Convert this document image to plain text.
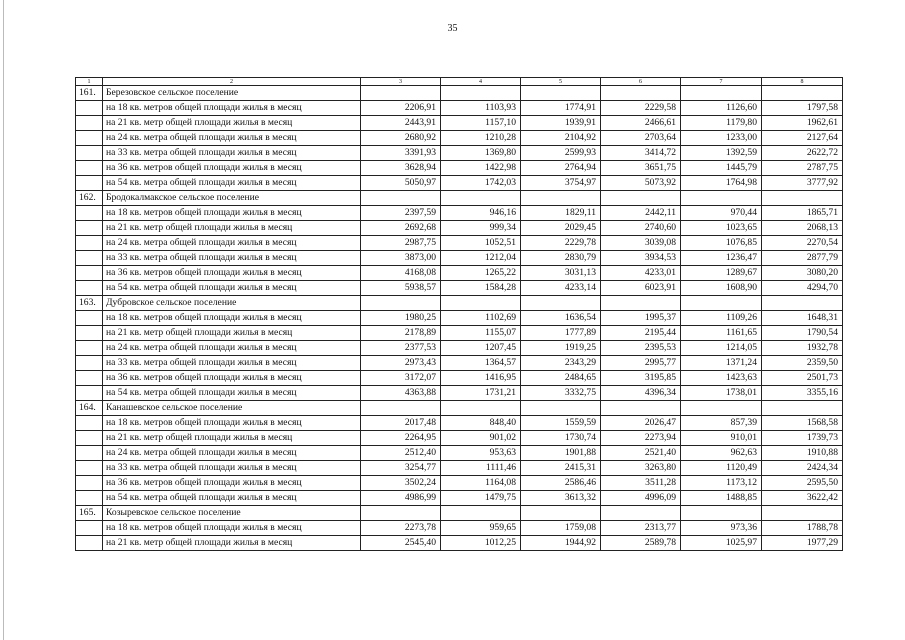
35
1	2	3	4	5	6	7	8
161.	Березовское сельское поселение						
	на 18 кв. метров общей площади жилья в месяц	2206,91	1103,93	1774,91	2229,58	1126,60	1797,58
	на 21 кв. метр общей площади жилья в месяц	2443,91	1157,10	1939,91	2466,61	1179,80	1962,61
	на 24 кв. метра общей площади жилья в месяц	2680,92	1210,28	2104,92	2703,64	1233,00	2127,64
	на 33 кв. метра общей площади жилья в месяц	3391,93	1369,80	2599,93	3414,72	1392,59	2622,72
	на 36 кв. метров общей площади жилья в месяц	3628,94	1422,98	2764,94	3651,75	1445,79	2787,75
	на 54 кв. метра общей площади жилья в месяц	5050,97	1742,03	3754,97	5073,92	1764,98	3777,92
162.	Бродокалмакское сельское поселение						
	на 18 кв. метров общей площади жилья в месяц	2397,59	946,16	1829,11	2442,11	970,44	1865,71
	на 21 кв. метр общей площади жилья в месяц	2692,68	999,34	2029,45	2740,60	1023,65	2068,13
	на 24 кв. метра общей площади жилья в месяц	2987,75	1052,51	2229,78	3039,08	1076,85	2270,54
	на 33 кв. метра общей площади жилья в месяц	3873,00	1212,04	2830,79	3934,53	1236,47	2877,79
	на 36 кв. метров общей площади жилья в месяц	4168,08	1265,22	3031,13	4233,01	1289,67	3080,20
	на 54 кв. метра общей площади жилья в месяц	5938,57	1584,28	4233,14	6023,91	1608,90	4294,70
163.	Дубровское сельское поселение						
	на 18 кв. метров общей площади жилья в месяц	1980,25	1102,69	1636,54	1995,37	1109,26	1648,31
	на 21 кв. метр общей площади жилья в месяц	2178,89	1155,07	1777,89	2195,44	1161,65	1790,54
	на 24 кв. метра общей площади жилья в месяц	2377,53	1207,45	1919,25	2395,53	1214,05	1932,78
	на 33 кв. метра общей площади жилья в месяц	2973,43	1364,57	2343,29	2995,77	1371,24	2359,50
	на 36 кв. метров общей площади жилья в месяц	3172,07	1416,95	2484,65	3195,85	1423,63	2501,73
	на 54 кв. метра общей площади жилья в месяц	4363,88	1731,21	3332,75	4396,34	1738,01	3355,16
164.	Канашевское сельское поселение						
	на 18 кв. метров общей площади жилья в месяц	2017,48	848,40	1559,59	2026,47	857,39	1568,58
	на 21 кв. метр общей площади жилья в месяц	2264,95	901,02	1730,74	2273,94	910,01	1739,73
	на 24 кв. метра общей площади жилья в месяц	2512,40	953,63	1901,88	2521,40	962,63	1910,88
	на 33 кв. метра общей площади жилья в месяц	3254,77	1111,46	2415,31	3263,80	1120,49	2424,34
	на 36 кв. метров общей площади жилья в месяц	3502,24	1164,08	2586,46	3511,28	1173,12	2595,50
	на 54 кв. метра общей площади жилья в месяц	4986,99	1479,75	3613,32	4996,09	1488,85	3622,42
165.	Козыревское сельское поселение						
	на 18 кв. метров общей площади жилья в месяц	2273,78	959,65	1759,08	2313,77	973,36	1788,78
	на 21 кв. метр общей площади жилья в месяц	2545,40	1012,25	1944,92	2589,78	1025,97	1977,29
